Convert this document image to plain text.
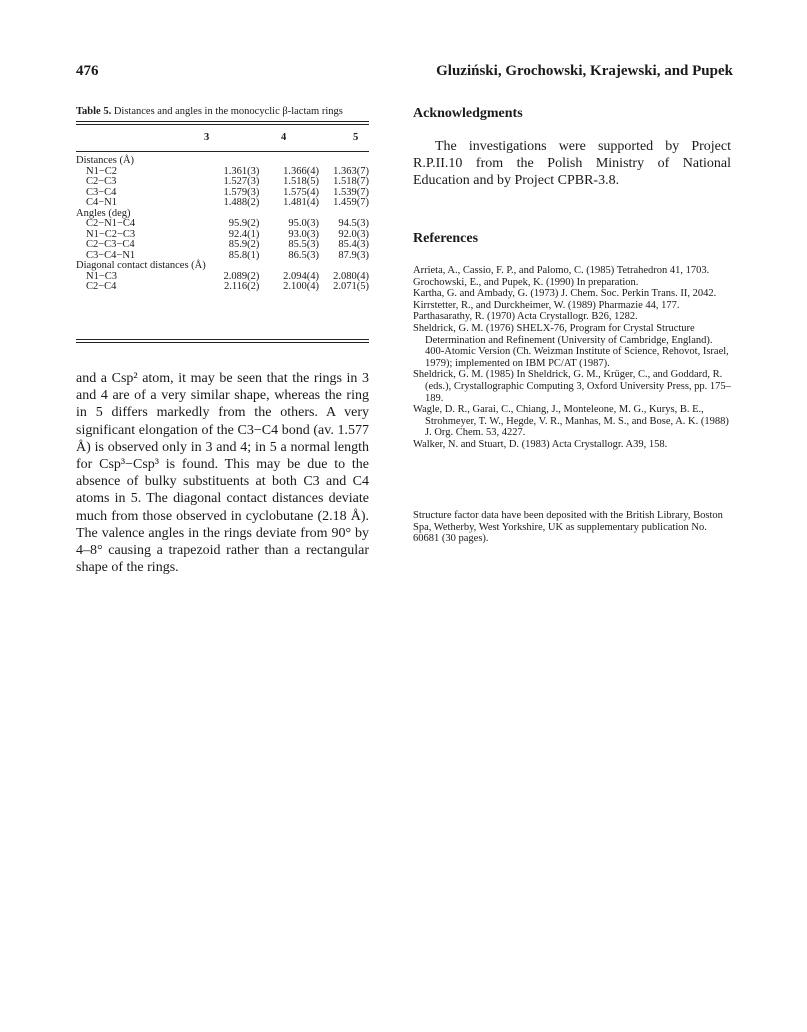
476	Gluziński, Grochowski, Krajewski, and Pupek
Table 5. Distances and angles in the monocyclic β-lactam rings
3	4	5
Distances (Å)			
N1−C2	1.361(3)	1.366(4)	1.363(7)
C2−C3	1.527(3)	1.518(5)	1.518(7)
C3−C4	1.579(3)	1.575(4)	1.539(7)
C4−N1	1.488(2)	1.481(4)	1.459(7)
Angles (deg)			
C2−N1−C4	95.9(2)	95.0(3)	94.5(3)
N1−C2−C3	92.4(1)	93.0(3)	92.0(3)
C2−C3−C4	85.9(2)	85.5(3)	85.4(3)
C3−C4−N1	85.8(1)	86.5(3)	87.9(3)
Diagonal contact distances (Å)			
N1−C3	2.089(2)	2.094(4)	2.080(4)
C2−C4	2.116(2)	2.100(4)	2.071(5)
and a Csp² atom, it may be seen that the rings in 3 and 4 are of a very similar shape, whereas the ring in 5 differs markedly from the others. A very significant elongation of the C3−C4 bond (av. 1.577 Å) is observed only in 3 and 4; in 5 a normal length for Csp³−Csp³ is found. This may be due to the absence of bulky substituents at both C3 and C4 atoms in 5. The diagonal contact distances deviate much from those observed in cyclobutane (2.18 Å). The valence angles in the rings deviate from 90° by 4–8° causing a trapezoid rather than a rectangular shape of the rings.
Acknowledgments
The investigations were supported by Project R.P.II.10 from the Polish Ministry of National Education and by Project CPBR-3.8.
References

Arrieta, A., Cassio, F. P., and Palomo, C. (1985) Tetrahedron 41, 1703.

Grochowski, E., and Pupek, K. (1990) In preparation.

Kartha, G. and Ambady, G. (1973) J. Chem. Soc. Perkin Trans. II, 2042.

Kirrstetter, R., and Durckheimer, W. (1989) Pharmazie 44, 177.

Parthasarathy, R. (1970) Acta Crystallogr. B26, 1282.

Sheldrick, G. M. (1976) SHELX-76, Program for Crystal Structure Determination and Refinement (University of Cambridge, England). 400-Atomic Version (Ch. Weizman Institute of Science, Rehovot, Israel, 1979); implemented on IBM PC/AT (1987).

Sheldrick, G. M. (1985) In Sheldrick, G. M., Krüger, C., and Goddard, R. (eds.), Crystallographic Computing 3, Oxford University Press, pp. 175–189.

Wagle, D. R., Garai, C., Chiang, J., Monteleone, M. G., Kurys, B. E., Strohmeyer, T. W., Hegde, V. R., Manhas, M. S., and Bose, A. K. (1988) J. Org. Chem. 53, 4227.

Walker, N. and Stuart, D. (1983) Acta Crystallogr. A39, 158.

Structure factor data have been deposited with the British Library, Boston Spa, Wetherby, West Yorkshire, UK as supplementary publication No. 60681 (30 pages).
